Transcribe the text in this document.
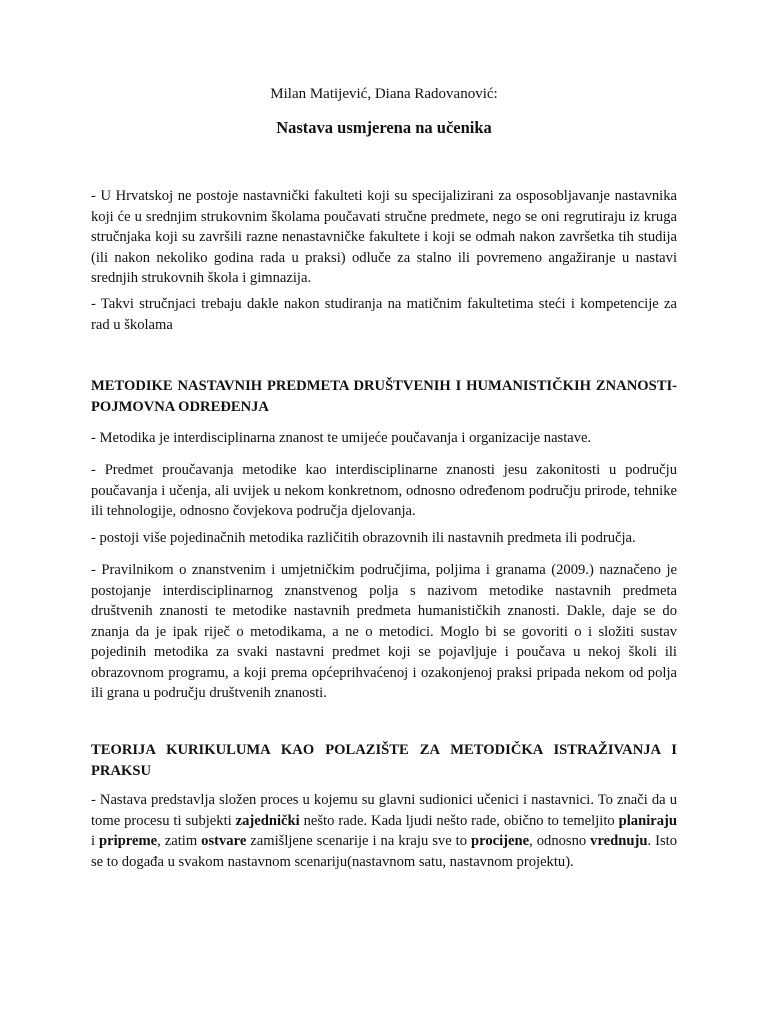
Milan Matijević, Diana Radovanović:
Nastava usmjerena na učenika

- U Hrvatskoj ne postoje nastavnički fakulteti koji su specijalizirani za osposobljavanje nastavnika koji će u srednjim strukovnim školama poučavati stručne predmete, nego se oni regrutiraju iz kruga stručnjaka koji su završili razne nenastavničke fakultete i koji se odmah nakon završetka tih studija (ili nakon nekoliko godina rada u praksi) odluče za stalno ili povremeno angažiranje u nastavi srednjih strukovnih škola i gimnazija.

- Takvi stručnjaci trebaju dakle nakon studiranja na matičnim fakultetima steći i kompetencije za rad u školama

METODIKE NASTAVNIH PREDMETA DRUŠTVENIH I HUMANISTIČKIH ZNANOSTI-POJMOVNA ODREĐENJA

- Metodika je interdisciplinarna znanost te umijeće poučavanja i organizacije nastave.

- Predmet proučavanja metodike kao interdisciplinarne znanosti jesu zakonitosti u području poučavanja i učenja, ali uvijek u nekom konkretnom, odnosno određenom području prirode, tehnike ili tehnologije, odnosno čovjekova područja djelovanja.

- postoji više pojedinačnih metodika različitih obrazovnih ili nastavnih predmeta ili područja.

- Pravilnikom o znanstvenim i umjetničkim područjima, poljima i granama (2009.) naznačeno je postojanje interdisciplinarnog znanstvenog polja s nazivom metodike nastavnih predmeta društvenih znanosti te metodike nastavnih predmeta humanističkih znanosti. Dakle, daje se do znanja da je ipak riječ o metodikama, a ne o metodici. Moglo bi se govoriti o i složiti sustav pojedinih metodika za svaki nastavni predmet koji se pojavljuje i poučava u nekoj školi ili obrazovnom programu, a koji prema općeprihvaćenoj i ozakonjenoj praksi pripada nekom od polja ili grana u području društvenih znanosti.

TEORIJA KURIKULUMA KAO POLAZIŠTE ZA METODIČKA ISTRAŽIVANJA I PRAKSU

- Nastava predstavlja složen proces u kojemu su glavni sudionici učenici i nastavnici. To znači da u tome procesu ti subjekti zajednički nešto rade. Kada ljudi nešto rade, obično to temeljito planiraju i pripreme, zatim ostvare zamišljene scenarije i na kraju sve to procijene, odnosno vrednuju. Isto se to događa u svakom nastavnom scenariju(nastavnom satu, nastavnom projektu).
